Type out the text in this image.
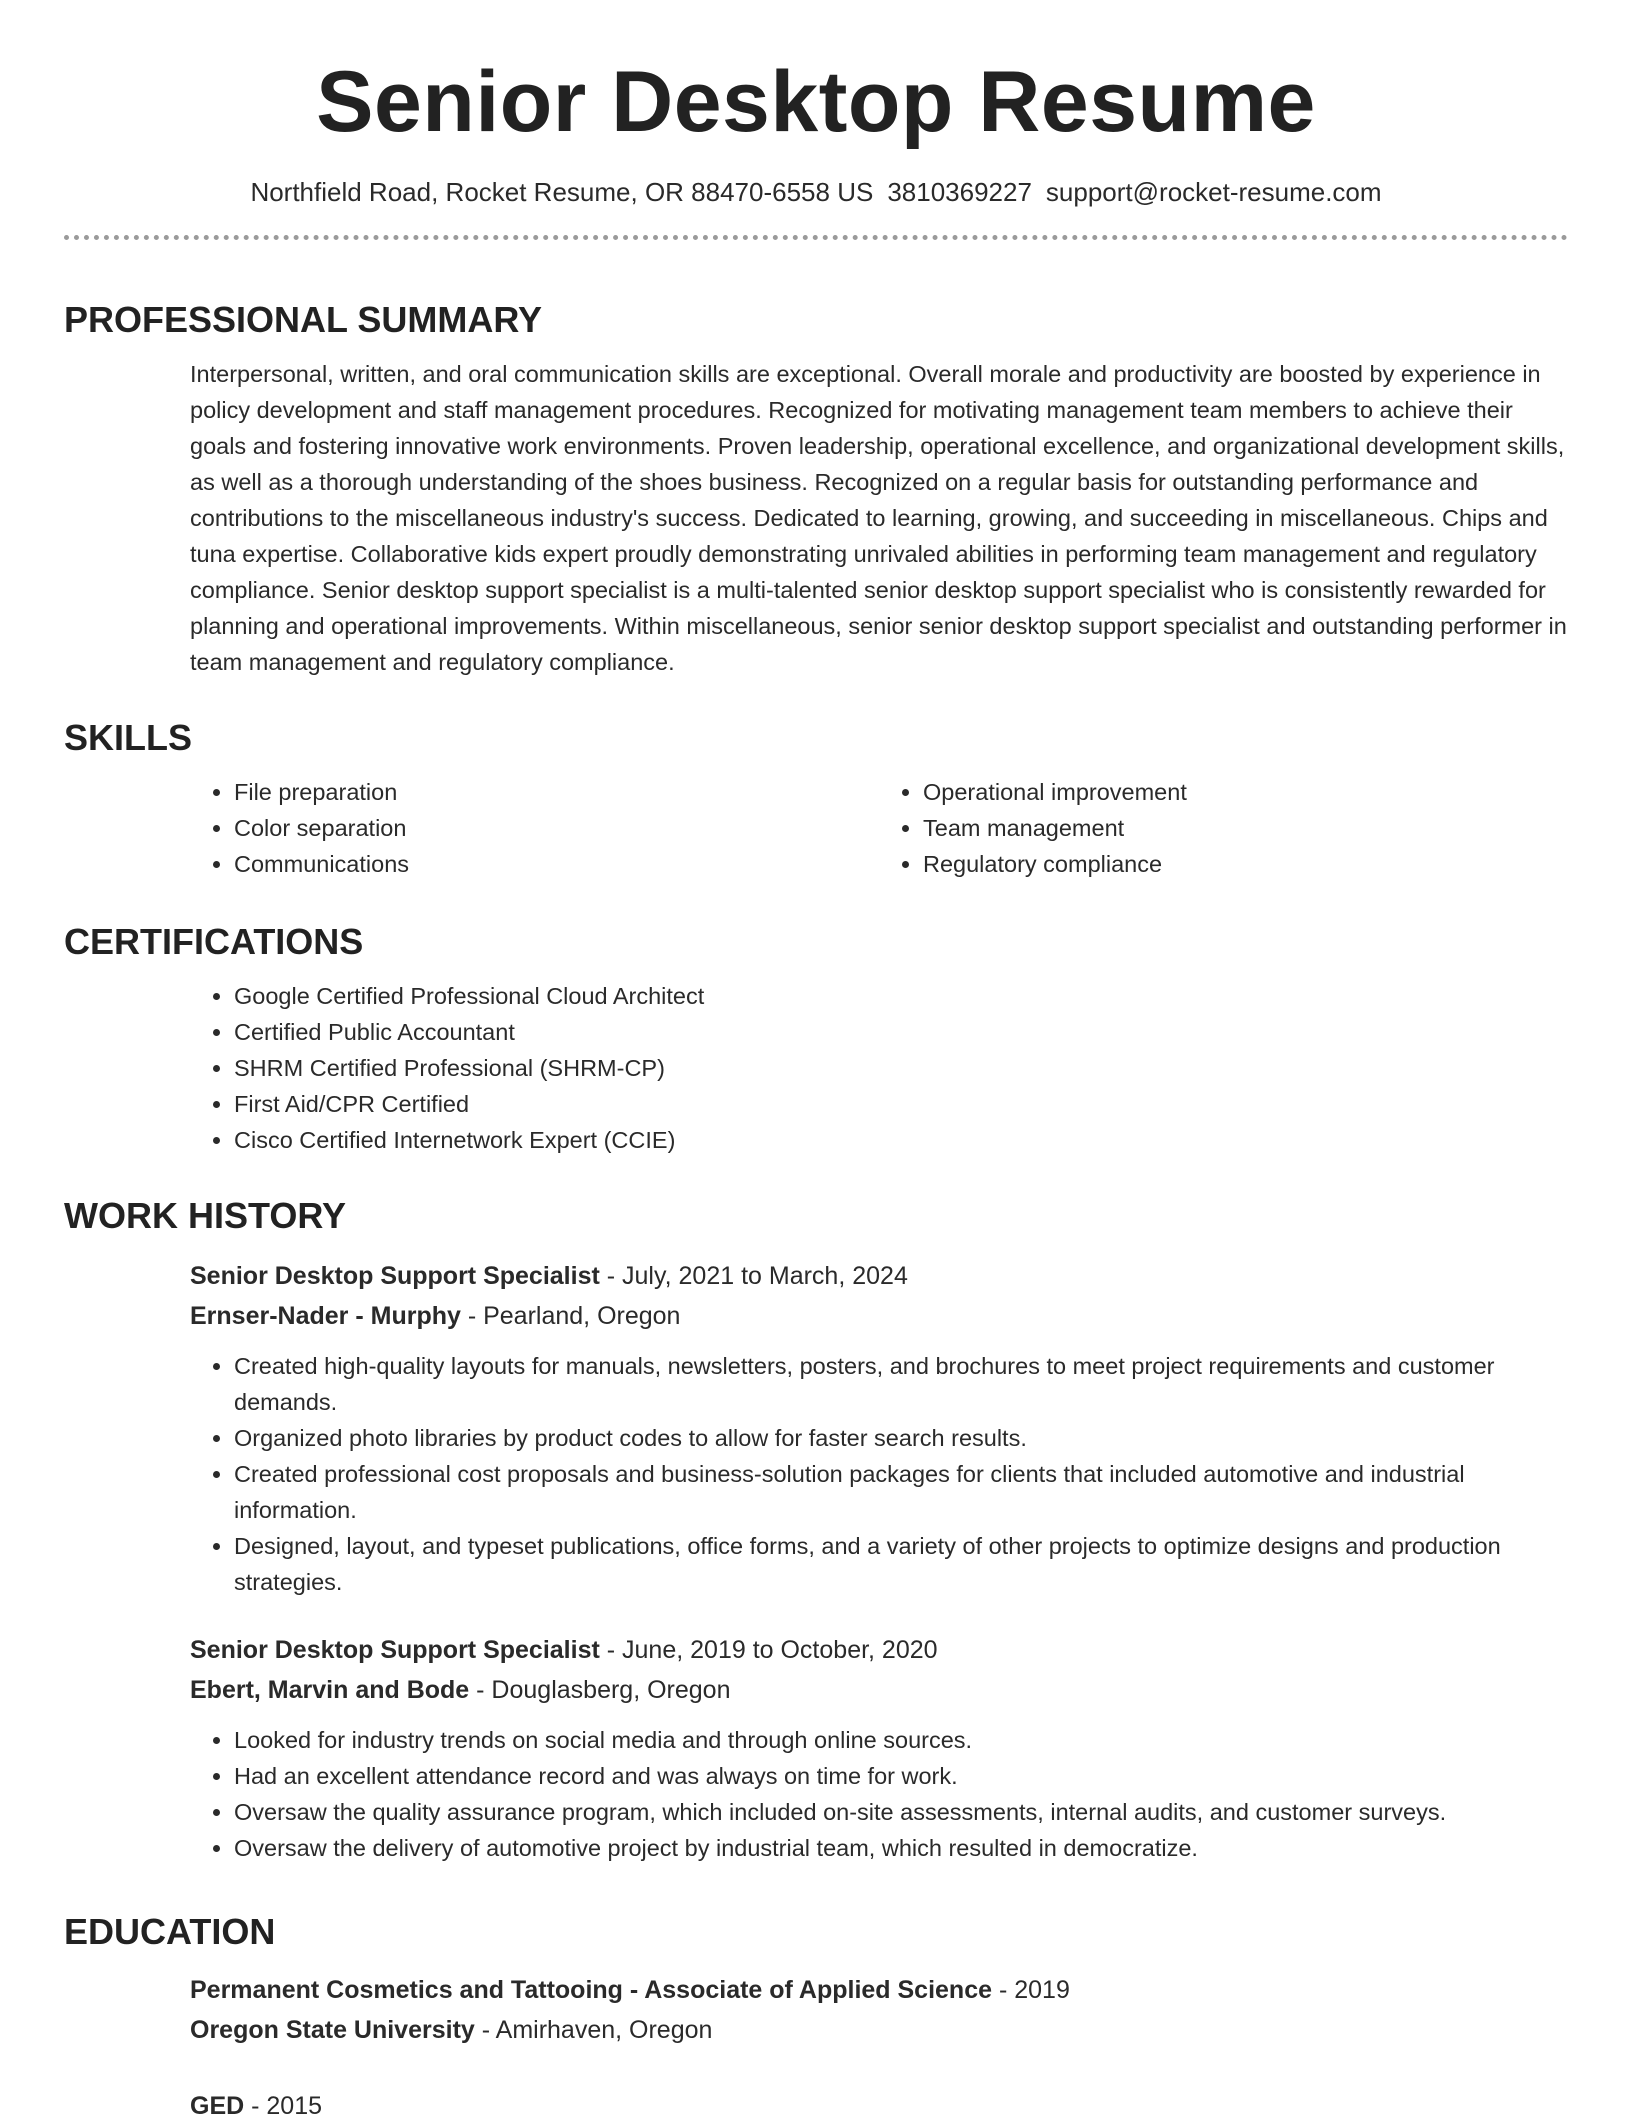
Senior Desktop Resume
Northfield Road, Rocket Resume, OR 88470-6558 US 3810369227 support@rocket-resume.com
PROFESSIONAL SUMMARY

Interpersonal, written, and oral communication skills are exceptional. Overall morale and productivity are boosted by experience in policy development and staff management procedures. Recognized for motivating management team members to achieve their goals and fostering innovative work environments. Proven leadership, operational excellence, and organizational development skills, as well as a thorough understanding of the shoes business. Recognized on a regular basis for outstanding performance and contributions to the miscellaneous industry's success. Dedicated to learning, growing, and succeeding in miscellaneous. Chips and tuna expertise. Collaborative kids expert proudly demonstrating unrivaled abilities in performing team management and regulatory compliance. Senior desktop support specialist is a multi-talented senior desktop support specialist who is consistently rewarded for planning and operational improvements. Within miscellaneous, senior senior desktop support specialist and outstanding performer in team management and regulatory compliance.

SKILLS
• File preparation
• Color separation
• Communications
• Operational improvement
• Team management
• Regulatory compliance
CERTIFICATIONS
• Google Certified Professional Cloud Architect
• Certified Public Accountant
• SHRM Certified Professional (SHRM-CP)
• First Aid/CPR Certified
• Cisco Certified Internetwork Expert (CCIE)
WORK HISTORY
Senior Desktop Support Specialist - July, 2021 to March, 2024
Ernser-Nader - Murphy - Pearland, Oregon
• Created high-quality layouts for manuals, newsletters, posters, and brochures to meet project requirements and customer demands.
• Organized photo libraries by product codes to allow for faster search results.
• Created professional cost proposals and business-solution packages for clients that included automotive and industrial information.
• Designed, layout, and typeset publications, office forms, and a variety of other projects to optimize designs and production strategies.
Senior Desktop Support Specialist - June, 2019 to October, 2020
Ebert, Marvin and Bode - Douglasberg, Oregon
• Looked for industry trends on social media and through online sources.
• Had an excellent attendance record and was always on time for work.
• Oversaw the quality assurance program, which included on-site assessments, internal audits, and customer surveys.
• Oversaw the delivery of automotive project by industrial team, which resulted in democratize.
EDUCATION
Permanent Cosmetics and Tattooing - Associate of Applied Science - 2019
Oregon State University - Amirhaven, Oregon
GED - 2015
